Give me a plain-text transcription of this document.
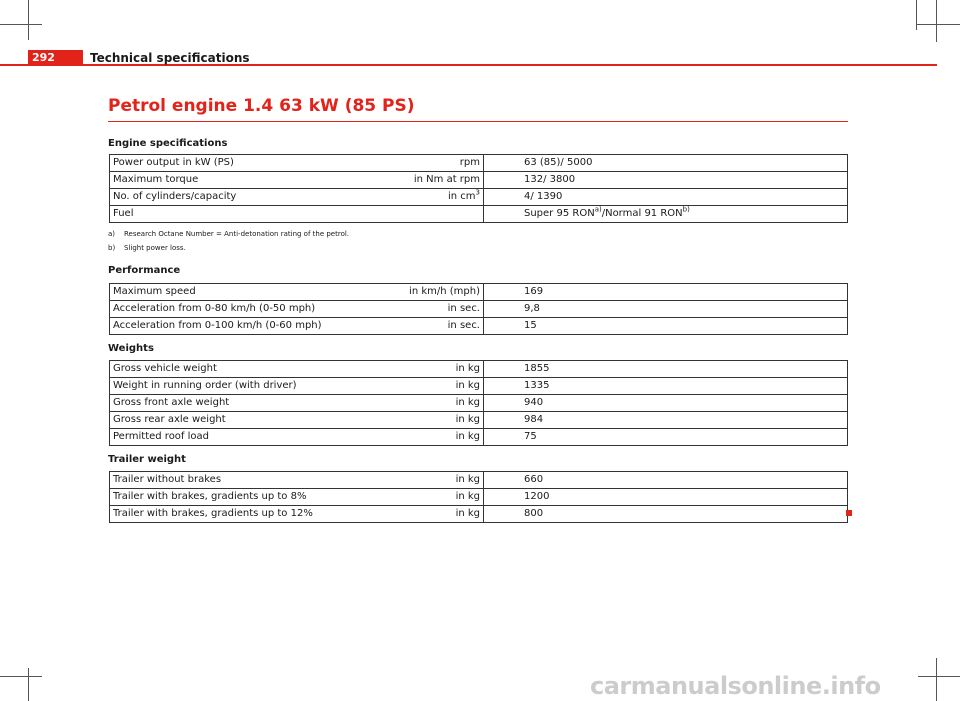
292	Technical specifications
Petrol engine 1.4 63 kW (85 PS)
Engine specifications
Power output in kW (PS)	rpm	63 (85)/ 5000
Maximum torque	in Nm at rpm	132/ 3800
No. of cylinders/capacity	in $cm^3$	4/ 1390
Fuel		Super 95 RON$^{a)}$/Normal 91 RON$^{b)}$
a) Research Octane Number = Anti-detonation rating of the petrol.
b) Slight power loss.
Performance
Maximum speed	in km/h (mph)	169
Acceleration from 0-80 km/h (0-50 mph)	in sec.	9,8
Acceleration from 0-100 km/h (0-60 mph)	in sec.	15
Weights
Gross vehicle weight	in kg	1855
Weight in running order (with driver)	in kg	1335
Gross front axle weight	in kg	940
Gross rear axle weight	in kg	984
Permitted roof load	in kg	75
Trailer weight
Trailer without brakes	in kg	660
Trailer with brakes, gradients up to 8%	in kg	1200
Trailer with brakes, gradients up to 12%	in kg	800
carmanualsonline.info
